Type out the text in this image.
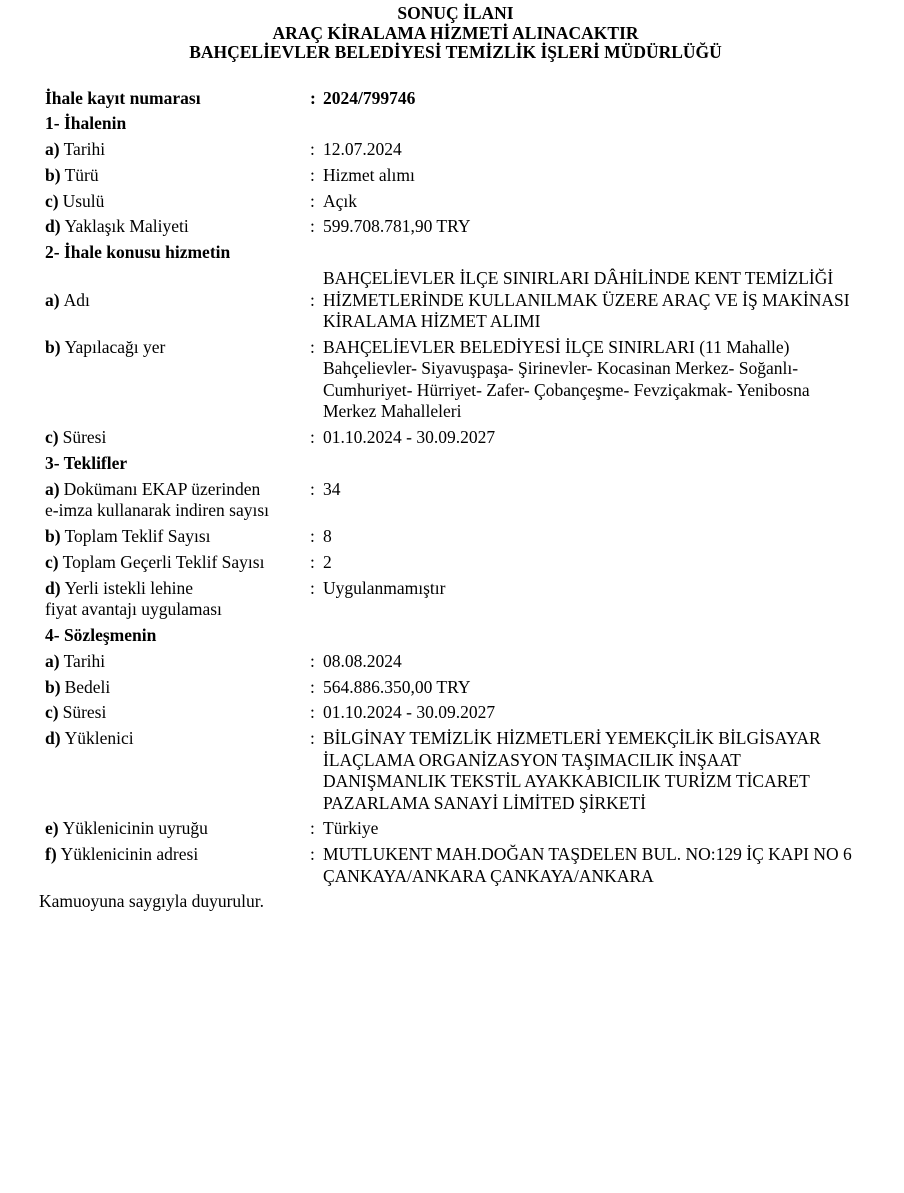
SONUÇ İLANI
ARAÇ KİRALAMA HİZMETİ ALINACAKTIR
BAHÇELİEVLER BELEDİYESİ TEMİZLİK İŞLERİ MÜDÜRLÜĞÜ
İhale kayıt numarası	: 2024/799746
1- İhalenin
a) Tarihi	: 12.07.2024
b) Türü	: Hizmet alımı
c) Usulü	: Açık
d) Yaklaşık Maliyeti	: 599.708.781,90 TRY
2- İhale konusu hizmetin
a) Adı	:
BAHÇELİEVLER İLÇE SINIRLARI DÂHİLİNDE KENT TEMİZLİĞİ HİZMETLERİNDE KULLANILMAK ÜZERE ARAÇ VE İŞ MAKİNASI KİRALAMA HİZMET ALIMI
b) Yapılacağı yer	: BAHÇELİEVLER BELEDİYESİ İLÇE SINIRLARI (11 Mahalle) Bahçelievler- Siyavuşpaşa- Şirinevler- Kocasinan Merkez- Soğanlı- Cumhuriyet- Hürriyet- Zafer- Çobançeşme- Fevziçakmak- Yenibosna Merkez Mahalleleri
c) Süresi	: 01.10.2024 - 30.09.2027
3- Teklifler
a) Dokümanı EKAP üzerinden
e-imza kullanarak indiren sayısı
: 34
b) Toplam Teklif Sayısı	: 8
c) Toplam Geçerli Teklif Sayısı	: 2
d) Yerli istekli lehine
fiyat avantajı uygulaması
: Uygulanmamıştır
4- Sözleşmenin
a) Tarihi	: 08.08.2024
b) Bedeli	: 564.886.350,00 TRY
c) Süresi	: 01.10.2024 - 30.09.2027
d) Yüklenici	: BİLGİNAY TEMİZLİK HİZMETLERİ YEMEKÇİLİK BİLGİSAYAR İLAÇLAMA ORGANİZASYON TAŞIMACILIK İNŞAAT DANIŞMANLIK TEKSTİL AYAKKABICILIK TURİZM TİCARET PAZARLAMA SANAYİ LİMİTED ŞİRKETİ
e) Yüklenicinin uyruğu	: Türkiye
f) Yüklenicinin adresi	: MUTLUKENT MAH.DOĞAN TAŞDELEN BUL. NO:129 İÇ KAPI NO 6 ÇANKAYA/ANKARA ÇANKAYA/ANKARA

Kamuoyuna saygıyla duyurulur.
